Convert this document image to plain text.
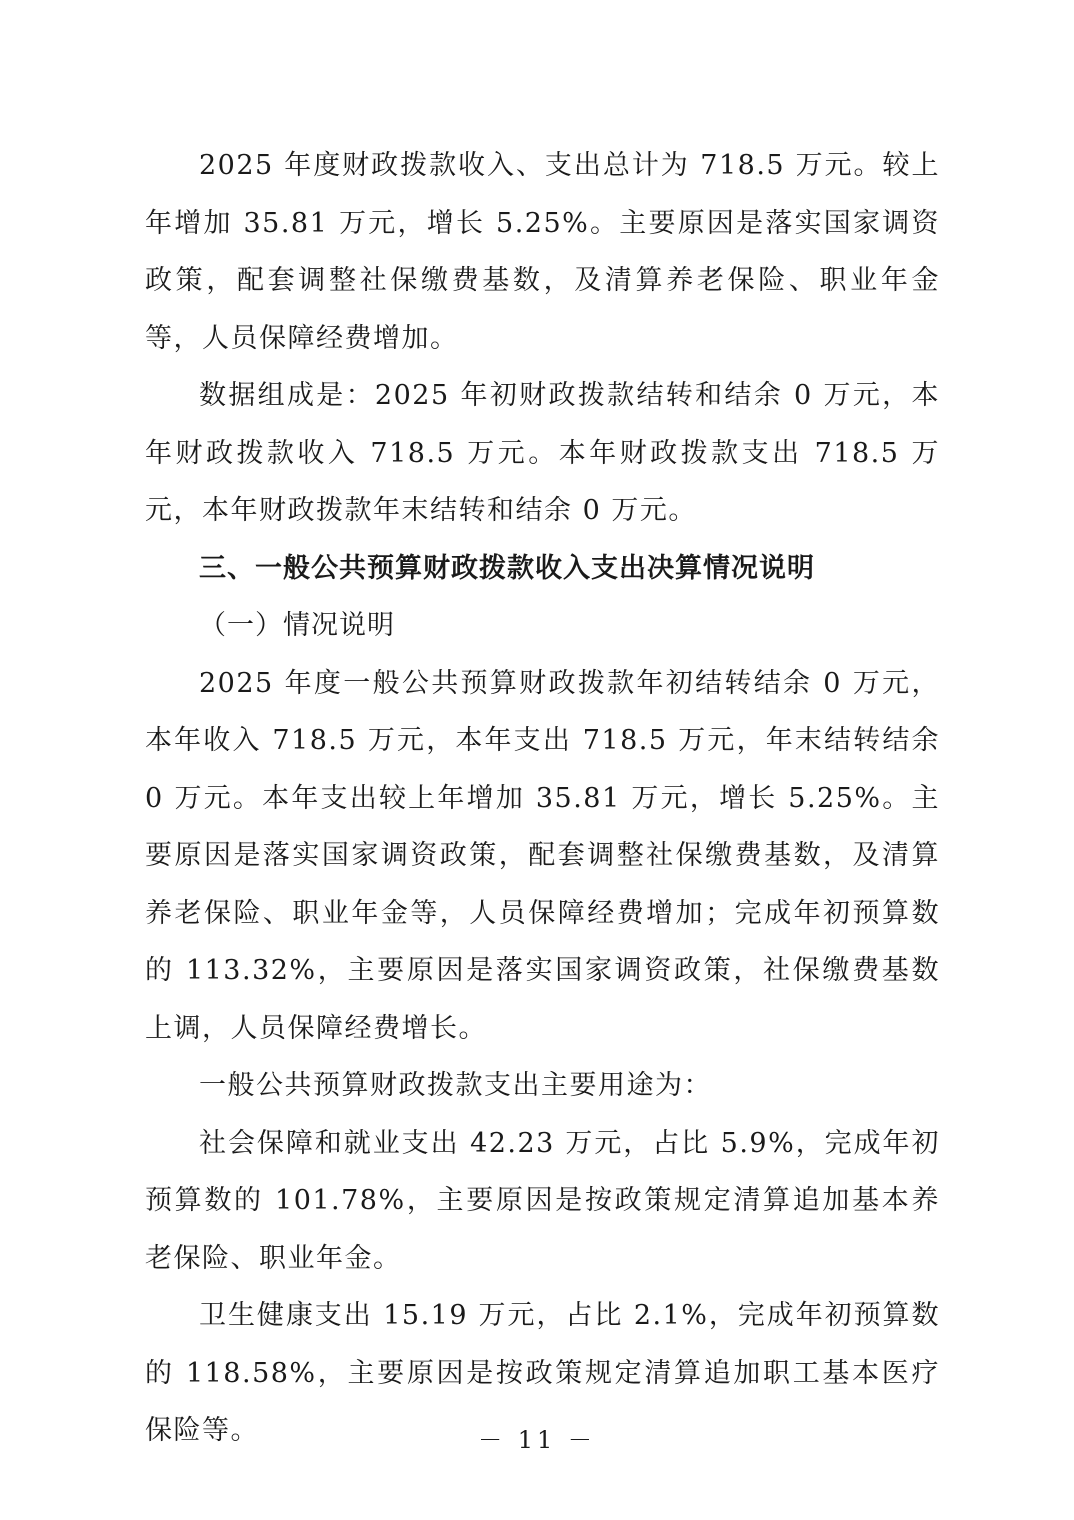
2025 年度财政拨款收入、支出总计为 718.5 万元。较上年增加 35.81 万元，增长 5.25%。主要原因是落实国家调资政策，配套调整社保缴费基数，及清算养老保险、职业年金等，人员保障经费增加。

数据组成是：2025 年初财政拨款结转和结余 0 万元，本年财政拨款收入 718.5 万元。本年财政拨款支出 718.5 万元，本年财政拨款年末结转和结余 0 万元。

三、一般公共预算财政拨款收入支出决算情况说明

（一）情况说明

2025 年度一般公共预算财政拨款年初结转结余 0 万元，本年收入 718.5 万元，本年支出 718.5 万元，年末结转结余 0 万元。本年支出较上年增加 35.81 万元，增长 5.25%。主要原因是落实国家调资政策，配套调整社保缴费基数，及清算养老保险、职业年金等，人员保障经费增加；完成年初预算数的 113.32%，主要原因是落实国家调资政策，社保缴费基数上调，人员保障经费增长。

一般公共预算财政拨款支出主要用途为：

社会保障和就业支出 42.23 万元，占比 5.9%，完成年初预算数的 101.78%，主要原因是按政策规定清算追加基本养老保险、职业年金。

卫生健康支出 15.19 万元，占比 2.1%，完成年初预算数的 118.58%，主要原因是按政策规定清算追加职工基本医疗保险等。	－ 11 －
